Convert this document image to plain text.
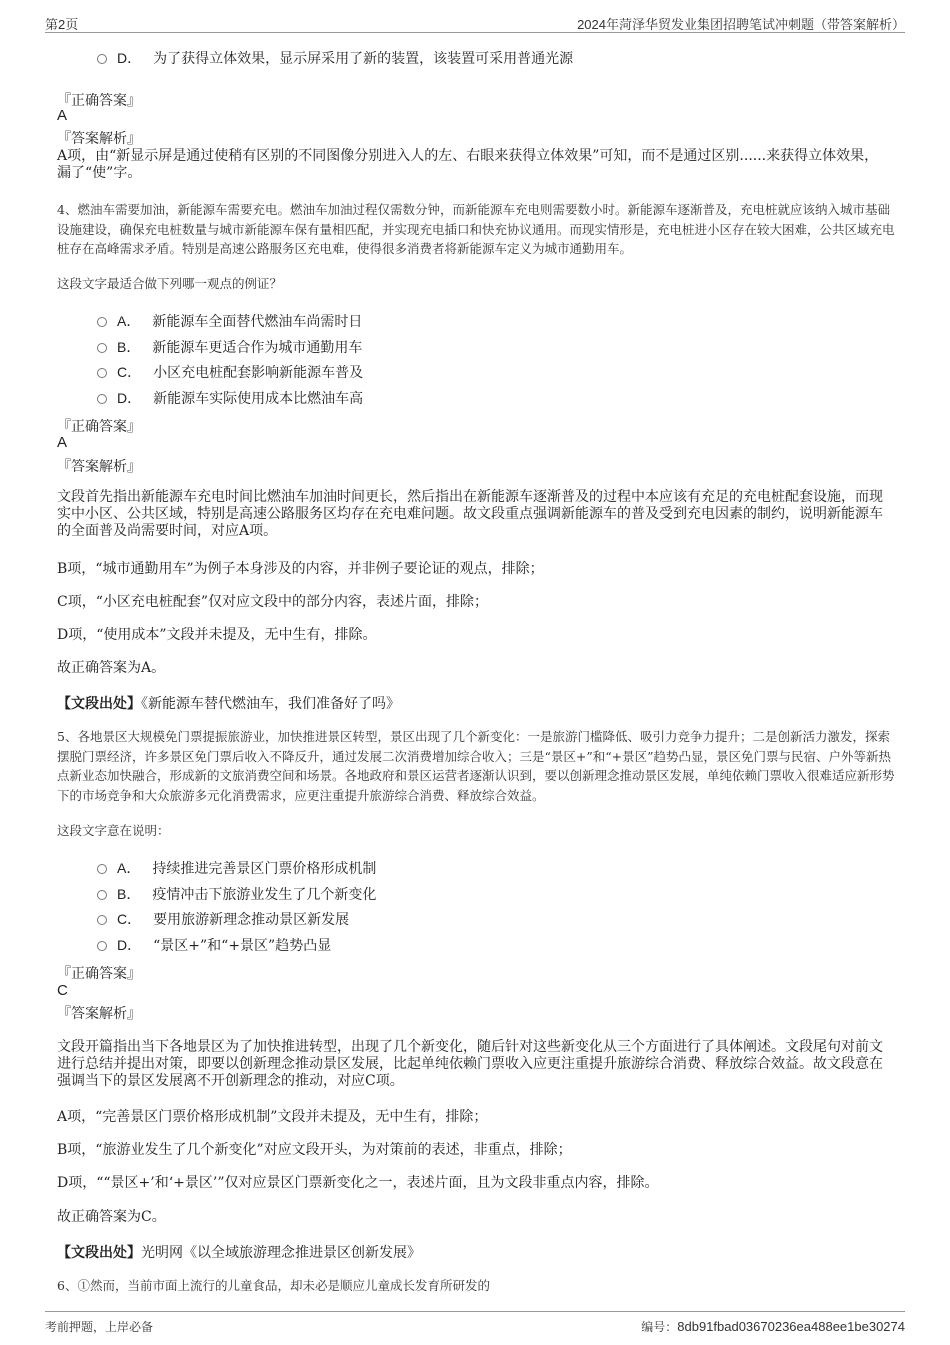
第2页	2024年菏泽华贸发业集团招聘笔试冲刺题（带答案解析）
D． 为了获得立体效果，显示屏采用了新的装置，该装置可采用普通光源
『正确答案』
A
『答案解析』
A项，由“新显示屏是通过使稍有区别的不同图像分别进入人的左、右眼来获得立体效果”可知，而不是通过区别......来获得立体效果，漏了“使”字。
4、燃油车需要加油，新能源车需要充电。燃油车加油过程仅需数分钟，而新能源车充电则需要数小时。新能源车逐渐普及，充电桩就应该纳入城市基础设施建设，确保充电桩数量与城市新能源车保有量相匹配，并实现充电插口和快充协议通用。而现实情形是，充电桩进小区存在较大困难，公共区域充电桩存在高峰需求矛盾。特别是高速公路服务区充电难，使得很多消费者将新能源车定义为城市通勤用车。
这段文字最适合做下列哪一观点的例证？
A． 新能源车全面替代燃油车尚需时日
B． 新能源车更适合作为城市通勤用车
C． 小区充电桩配套影响新能源车普及
D． 新能源车实际使用成本比燃油车高
『正确答案』
A
『答案解析』
文段首先指出新能源车充电时间比燃油车加油时间更长，然后指出在新能源车逐渐普及的过程中本应该有充足的充电桩配套设施，而现实中小区、公共区域，特别是高速公路服务区均存在充电难问题。故文段重点强调新能源车的普及受到充电因素的制约，说明新能源车的全面普及尚需要时间，对应A项。
B项，“城市通勤用车”为例子本身涉及的内容，并非例子要论证的观点，排除；
C项，“小区充电桩配套”仅对应文段中的部分内容，表述片面，排除；
D项，“使用成本”文段并未提及，无中生有，排除。
故正确答案为A。
【文段出处】《新能源车替代燃油车，我们准备好了吗》
5、各地景区大规模免门票提振旅游业，加快推进景区转型，景区出现了几个新变化：一是旅游门槛降低、吸引力竞争力提升；二是创新活力激发，探索摆脱门票经济，许多景区免门票后收入不降反升，通过发展二次消费增加综合收入；三是“景区+”和“+景区”趋势凸显，景区免门票与民宿、户外等新热点新业态加快融合，形成新的文旅消费空间和场景。各地政府和景区运营者逐渐认识到，要以创新理念推动景区发展，单纯依赖门票收入很难适应新形势下的市场竞争和大众旅游多元化消费需求，应更注重提升旅游综合消费、释放综合效益。
这段文字意在说明：
A． 持续推进完善景区门票价格形成机制
B． 疫情冲击下旅游业发生了几个新变化
C． 要用旅游新理念推动景区新发展
D． “景区+”和“+景区”趋势凸显
『正确答案』
C
『答案解析』
文段开篇指出当下各地景区为了加快推进转型，出现了几个新变化，随后针对这些新变化从三个方面进行了具体阐述。文段尾句对前文进行总结并提出对策，即要以创新理念推动景区发展，比起单纯依赖门票收入应更注重提升旅游综合消费、释放综合效益。故文段意在强调当下的景区发展离不开创新理念的推动，对应C项。
A项，“完善景区门票价格形成机制”文段并未提及，无中生有，排除；
B项，“旅游业发生了几个新变化”对应文段开头，为对策前的表述，非重点，排除；
D项，““景区+’和‘+景区’”仅对应景区门票新变化之一，表述片面，且为文段非重点内容，排除。
故正确答案为C。
【文段出处】光明网《以全域旅游理念推进景区创新发展》
6、①然而，当前市面上流行的儿童食品，却未必是顺应儿童成长发育所研发的
考前押题，上岸必备	编号：8db91fbad03670236ea488ee1be30274
